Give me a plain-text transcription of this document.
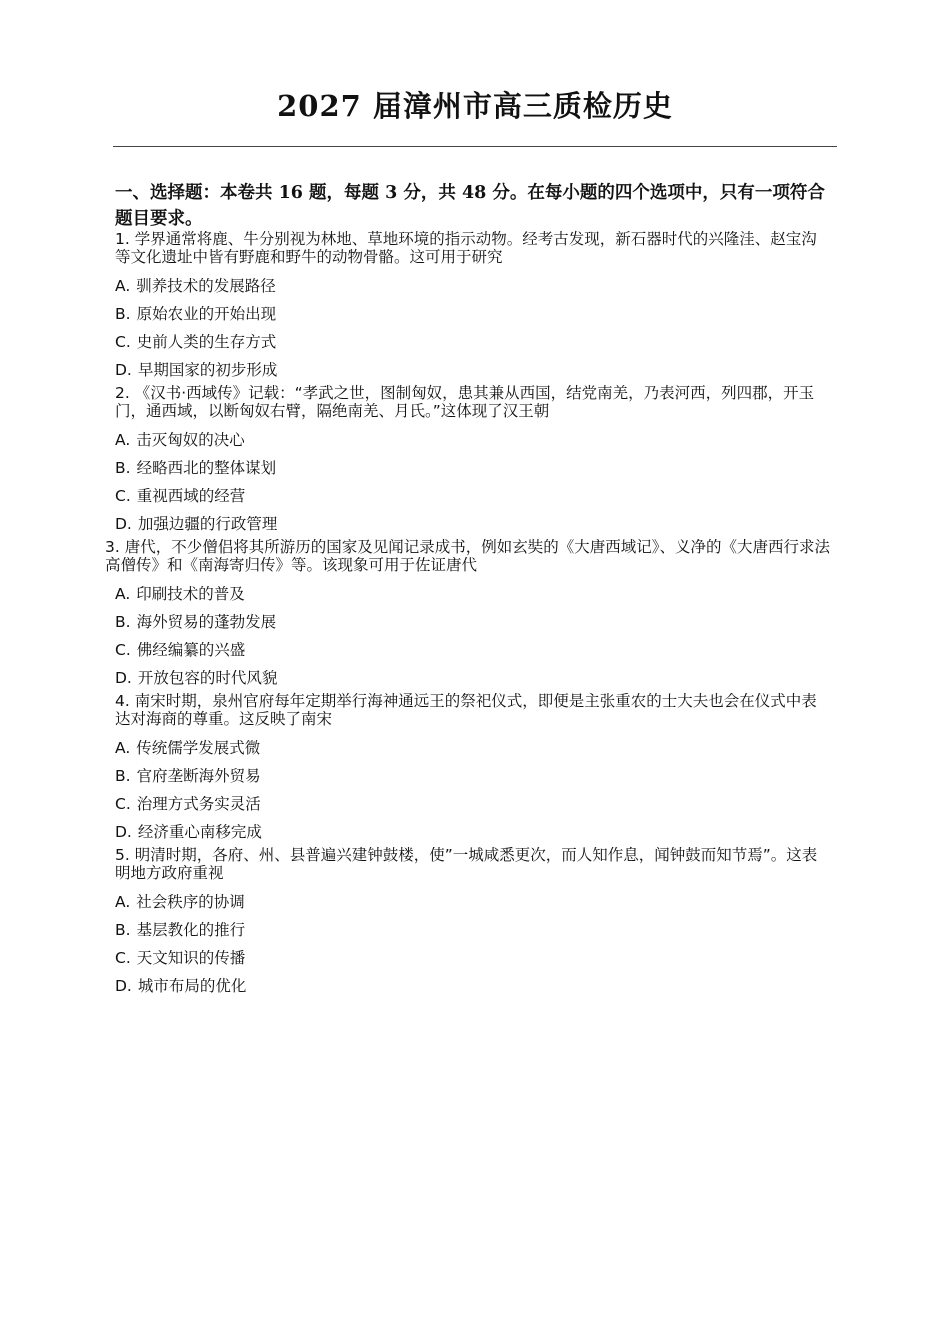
2027 届漳州市高三质检历史
一、选择题：本卷共 16 题，每题 3 分，共 48 分。在每小题的四个选项中，只有一项符合题目要求。

1. 学界通常将鹿、牛分别视为林地、草地环境的指示动物。经考古发现，新石器时代的兴隆洼、赵宝沟等文化遗址中皆有野鹿和野牛的动物骨骼。这可用于研究

A. 驯养技术的发展路径
B. 原始农业的开始出现
C. 史前人类的生存方式
D. 早期国家的初步形成

2. 《汉书·西域传》记载：“孝武之世，图制匈奴，患其兼从西国，结党南羌，乃表河西，列四郡，开玉门，通西域，以断匈奴右臂，隔绝南羌、月氏。”这体现了汉王朝

A. 击灭匈奴的决心
B. 经略西北的整体谋划
C. 重视西域的经营
D. 加强边疆的行政管理

3. 唐代，不少僧侣将其所游历的国家及见闻记录成书，例如玄奘的《大唐西域记》、义净的《大唐西行求法高僧传》和《南海寄归传》等。该现象可用于佐证唐代

A. 印刷技术的普及
B. 海外贸易的蓬勃发展
C. 佛经编纂的兴盛
D. 开放包容的时代风貌

4. 南宋时期，泉州官府每年定期举行海神通远王的祭祀仪式，即便是主张重农的士大夫也会在仪式中表达对海商的尊重。这反映了南宋

A. 传统儒学发展式微
B. 官府垄断海外贸易
C. 治理方式务实灵活
D. 经济重心南移完成

5. 明清时期，各府、州、县普遍兴建钟鼓楼，使”一城咸悉更次，而人知作息，闻钟鼓而知节焉”。这表明地方政府重视

A. 社会秩序的协调
B. 基层教化的推行
C. 天文知识的传播
D. 城市布局的优化
